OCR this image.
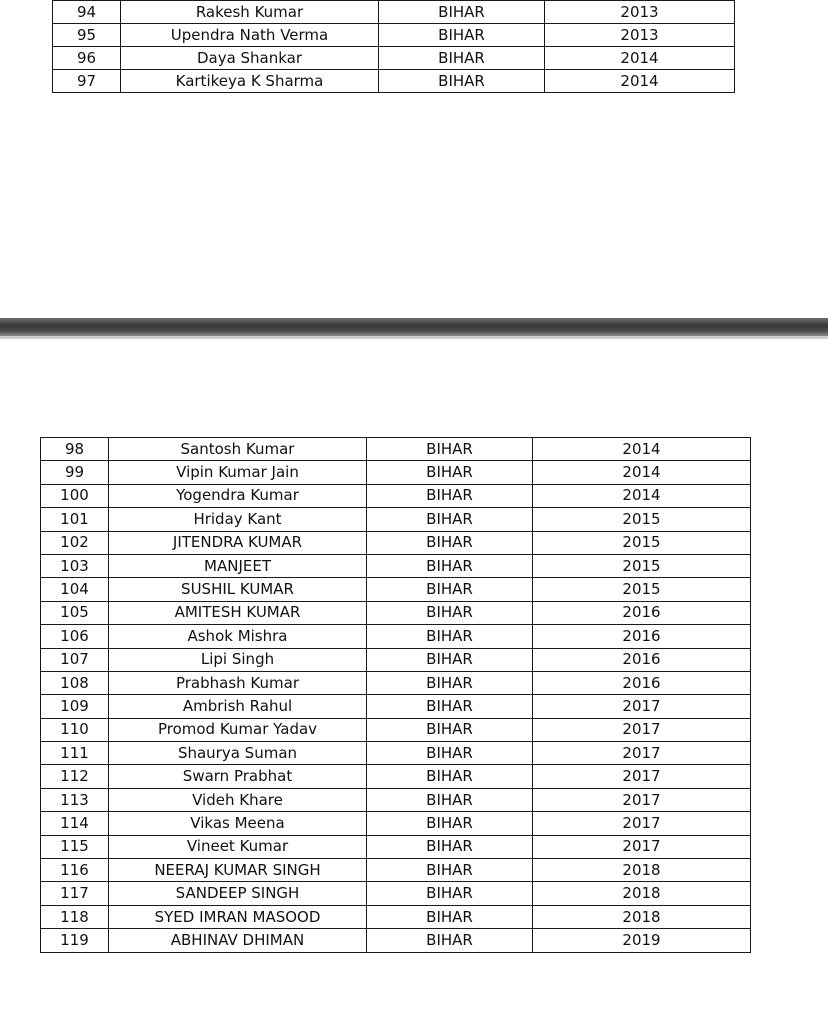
94	Rakesh Kumar	BIHAR	2013
95	Upendra Nath Verma	BIHAR	2013
96	Daya Shankar	BIHAR	2014
97	Kartikeya K Sharma	BIHAR	2014
98	Santosh Kumar	BIHAR	2014
99	Vipin Kumar Jain	BIHAR	2014
100	Yogendra Kumar	BIHAR	2014
101	Hriday Kant	BIHAR	2015
102	JITENDRA KUMAR	BIHAR	2015
103	MANJEET	BIHAR	2015
104	SUSHIL KUMAR	BIHAR	2015
105	AMITESH KUMAR	BIHAR	2016
106	Ashok Mishra	BIHAR	2016
107	Lipi Singh	BIHAR	2016
108	Prabhash Kumar	BIHAR	2016
109	Ambrish Rahul	BIHAR	2017
110	Promod Kumar Yadav	BIHAR	2017
111	Shaurya Suman	BIHAR	2017
112	Swarn Prabhat	BIHAR	2017
113	Videh Khare	BIHAR	2017
114	Vikas Meena	BIHAR	2017
115	Vineet Kumar	BIHAR	2017
116	NEERAJ KUMAR SINGH	BIHAR	2018
117	SANDEEP SINGH	BIHAR	2018
118	SYED IMRAN MASOOD	BIHAR	2018
119	ABHINAV DHIMAN	BIHAR	2019
